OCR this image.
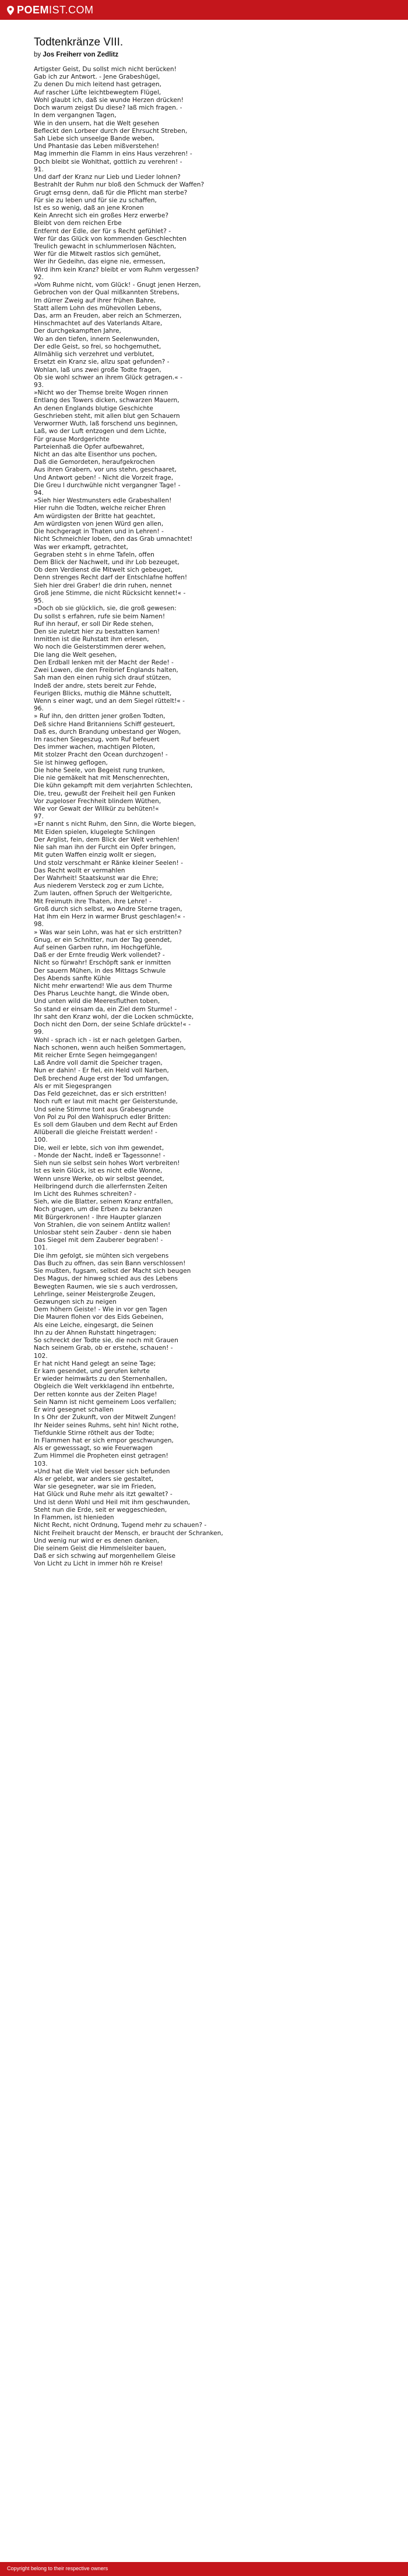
POEM IST.COM
Todtenkränze VIII.
by Jos Freiherr von Zedlitz
Artigster Geist, Du sollst mich nicht berücken!
Gab ich zur Antwort. - Jene Grabeshügel,
Zu denen Du mich leitend hast getragen,
Auf rascher Lüfte leichtbewegtem Flügel,
Wohl glaubt ich, daß sie wunde Herzen drücken!
Doch warum zeigst Du diese? laß mich fragen. -
In dem vergangnen Tagen,
Wie in den unsern, hat die Welt gesehen
Befleckt den Lorbeer durch der Ehrsucht Streben,
Sah Liebe sich unseelge Bande weben,
Und Phantasie das Leben mißverstehen!
Mag immerhin die Flamm in eins Haus verzehren! -
Doch bleibt sie Wohlthat, gottlich zu verehren! -
91.
Und darf der Kranz nur Lieb und Lieder lohnen?
Bestrahlt der Ruhm nur bloß den Schmuck der Waffen?
Grugt ernsg denn, daß für die Pflicht man sterbe?
Für sie zu leben und für sie zu schaffen,
Ist es so wenig, daß an jene Kronen
Kein Anrecht sich ein großes Herz erwerbe?
Bleibt von dem reichen Erbe
Entfernt der Edle, der für s Recht gefühlet? -
Wer für das Glück von kommenden Geschlechten
Treulich gewacht in schlummerlosen Nächten,
Wer für die Mitwelt rastlos sich gemühet,
Wer ihr Gedeihn, das eigne nie, ermessen,
Wird ihm kein Kranz? bleibt er vom Ruhm vergessen?
92.
»Vom Ruhme nicht, vom Glück! - Gnugt jenen Herzen,
Gebrochen von der Qual mißkannten Strebens,
Im dürrer Zweig auf ihrer frühen Bahre,
Statt allem Lohn des mühevollen Lebens,
Das, arm an Freuden, aber reich an Schmerzen,
Hinschmachtet auf des Vaterlands Altare,
Der durchgekampften Jahre,
Wo an den tiefen, innern Seelenwunden,
Der edle Geist, so frei, so hochgemuthet,
Allmählig sich verzehret und verblutet,
Ersetzt ein Kranz sie, allzu spat gefunden? -
Wohlan, laß uns zwei große Todte fragen,
Ob sie wohl schwer an ihrem Glück getragen.« -
93.
»Nicht wo der Themse breite Wogen rinnen
Entlang des Towers dicken, schwarzen Mauern,
An denen Englands blutige Geschichte
Geschrieben steht, mit allen blut gen Schauern
Verworrner Wuth, laß forschend uns beginnen,
Laß, wo der Luft entzogen und dem Lichte,
Für grause Mordgerichte
Parteienhaß die Opfer aufbewahret,
Nicht an das alte Eisenthor uns pochen,
Daß die Gemordeten, heraufgekrochen
Aus ihren Grabern, vor uns stehn, geschaaret,
Und Antwort geben! - Nicht die Vorzeit frage,
Die Greu l durchwühle nicht vergangner Tage! -
94.
»Sieh hier Westmunsters edle Grabeshallen!
Hier ruhn die Todten, welche reicher Ehren
Am würdigsten der Britte hat geachtet,
Am würdigsten von jenen Würd gen allen,
Die hochgeragt in Thaten und in Lehren! -
Nicht Schmeichler loben, den das Grab umnachtet!
Was wer erkampft, getrachtet,
Gegraben steht s in ehrne Tafeln, offen
Dem Blick der Nachwelt, und ihr Lob bezeuget,
Ob dem Verdienst die Mitwelt sich gebeuget,
Denn strenges Recht darf der Entschlafne hoffen!
Sieh hier drei Graber! die drin ruhen, nennet
Groß jene Stimme, die nicht Rücksicht kennet!« -
95.
»Doch ob sie glücklich, sie, die groß gewesen:
Du sollst s erfahren, rufe sie beim Namen!
Ruf ihn herauf, er soll Dir Rede stehen,
Den sie zuletzt hier zu bestatten kamen!
Inmitten ist die Ruhstatt ihm erlesen,
Wo noch die Geisterstimmen derer wehen,
Die lang die Welt gesehen,
Den Erdball lenken mit der Macht der Rede! -
Zwei Lowen, die den Freibrief Englands halten,
Sah man den einen ruhig sich drauf stützen,
Indeß der andre, stets bereit zur Fehde,
Feurigen Blicks, muthig die Mähne schuttelt,
Wenn s einer wagt, und an dem Siegel rüttelt!« -
96.
» Ruf ihn, den dritten jener großen Todten,
Deß sichre Hand Britanniens Schiff gesteuert,
Daß es, durch Brandung unbestand ger Wogen,
Im raschen Siegeszug, vom Ruf befeuert
Des immer wachen, machtigen Piloten,
Mit stolzer Pracht den Ocean durchzogen! -
Sie ist hinweg geflogen,
Die hohe Seele, von Begeist rung trunken,
Die nie gemäkelt hat mit Menschenrechten,
Die kühn gekampft mit dem verjahrten Schlechten,
Die, treu, gewußt der Freiheit heil gen Funken
Vor zugeloser Frechheit blindem Wüthen,
Wie vor Gewalt der Willkür zu behüten!«
97.
»Er nannt s nicht Ruhm, den Sinn, die Worte biegen,
Mit Eiden spielen, klugelegte Schlingen
Der Arglist, fein, dem Blick der Welt verhehlen!
Nie sah man ihn der Furcht ein Opfer bringen,
Mit guten Waffen einzig wollt er siegen,
Und stolz verschmaht er Ränke kleiner Seelen! -
Das Recht wollt er vermahlen
Der Wahrheit! Staatskunst war die Ehre;
Aus niederem Versteck zog er zum Lichte,
Zum lauten, offnen Spruch der Weltgerichte,
Mit Freimuth ihre Thaten, ihre Lehre! -
Groß durch sich selbst, wo Andre Sterne tragen,
Hat ihm ein Herz in warmer Brust geschlagen!« -
98.
» Was war sein Lohn, was hat er sich erstritten?
Gnug, er ein Schnitter, nun der Tag geendet,
Auf seinen Garben ruhn, im Hochgefühle,
Daß er der Ernte freudig Werk vollendet? -
Nicht so fürwahr! Erschöpft sank er inmitten
Der sauern Mühen, in des Mittags Schwule
Des Abends sanfte Kühle
Nicht mehr erwartend! Wie aus dem Thurme
Des Pharus Leuchte hangt, die Winde oben,
Und unten wild die Meeresfluthen toben,
So stand er einsam da, ein Ziel dem Sturme! -
Ihr saht den Kranz wohl, der die Locken schmückte,
Doch nicht den Dorn, der seine Schlafe drückte!« -
99.
Wohl - sprach ich - ist er nach geletgen Garben,
Nach schonen, wenn auch heißen Sommertagen,
Mit reicher Ernte Segen heimgegangen!
Laß Andre voll damit die Speicher tragen,
Nun er dahin! - Er fiel, ein Held voll Narben,
Deß brechend Auge erst der Tod umfangen,
Als er mit Siegesprangen
Das Feld gezeichnet, das er sich erstritten!
Noch ruft er laut mit macht ger Geisterstunde,
Und seine Stimme tont aus Grabesgrunde
Von Pol zu Pol den Wahlspruch edler Britten:
Es soll dem Glauben und dem Recht auf Erden
Allüberall die gleiche Freistatt werden! -
100.
Die, weil er lebte, sich von ihm gewendet,
- Monde der Nacht, indeß er Tagessonne! -
Sieh nun sie selbst sein hohes Wort verbreiten!
Ist es kein Glück, ist es nicht edle Wonne,
Wenn unsre Werke, ob wir selbst geendet,
Heilbringend durch die allerfernsten Zeiten
Im Licht des Ruhmes schreiten? -
Sieh, wie die Blatter, seinem Kranz entfallen,
Noch grugen, um die Erben zu bekranzen
Mit Bürgerkronen! - Ihre Haupter glanzen
Von Strahlen, die von seinem Antlitz wallen!
Unlosbar steht sein Zauber - denn sie haben
Das Siegel mit dem Zauberer begraben! -
101.
Die ihm gefolgt, sie mühten sich vergebens
Das Buch zu offnen, das sein Bann verschlossen!
Sie mußten, fugsam, selbst der Macht sich beugen
Des Magus, der hinweg schied aus des Lebens
Bewegten Raumen, wie sie s auch verdrossen,
Lehrlinge, seiner Meistergroße Zeugen,
Gezwungen sich zu neigen
Dem höhern Geiste! - Wie in vor gen Tagen
Die Mauren flohen vor des Eids Gebeinen,
Als eine Leiche, eingesargt, die Seinen
Ihn zu der Ahnen Ruhstatt hingetragen;
So schreckt der Todte sie, die noch mit Grauen
Nach seinem Grab, ob er erstehe, schauen! -
102.
Er hat nicht Hand gelegt an seine Tage;
Er kam gesendet, und gerufen kehrte
Er wieder heimwärts zu den Sternenhallen,
Obgleich die Welt verkklagend ihn entbehrte,
Der retten konnte aus der Zeiten Plage!
Sein Namn ist nicht gemeinem Loos verfallen;
Er wird gesegnet schallen
In s Ohr der Zukunft, von der Mitwelt Zungen!
Ihr Neider seines Ruhms, seht hin! Nicht rothe,
Tiefdunkle Stirne röthelt aus der Todte;
In Flammen hat er sich empor geschwungen,
Als er gewesssagt, so wie Feuerwagen
Zum Himmel die Propheten einst getragen!
103.
»Und hat die Welt viel besser sich befunden
Als er gelebt, war anders sie gestaltet,
War sie gesegneter, war sie im Frieden,
Hat Glück und Ruhe mehr als itzt gewaltet? -
Und ist denn Wohl und Heil mit ihm geschwunden,
Steht nun die Erde, seit er weggeschieden,
In Flammen, ist hienieden
Nicht Recht, nicht Ordnung, Tugend mehr zu schauen? -
Nicht Freiheit braucht der Mensch, er braucht der Schranken,
Und wenig nur wird er es denen danken,
Die seinem Geist die Himmelsleiter bauen,
Daß er sich schwing auf morgenhellem Gleise
Von Licht zu Licht in immer höh re Kreise!
Copyright belong to their respective owners
